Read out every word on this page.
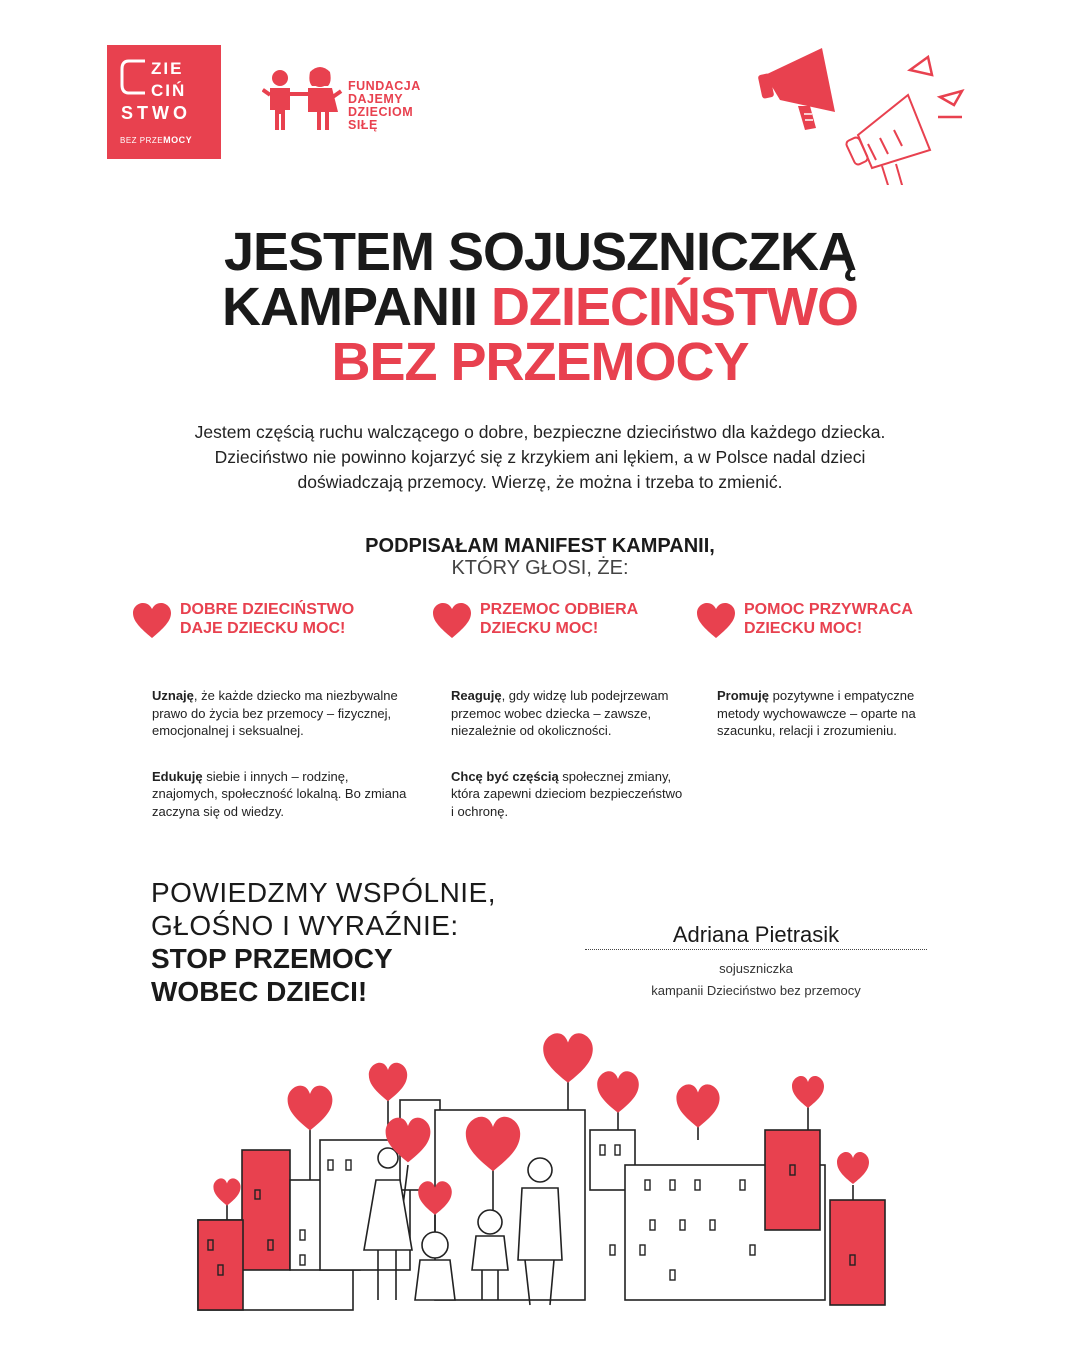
ZIE
CIŃ
STWO
BEZ PRZEMOCY
FUNDACJA
DAJEMY
DZIECIOM
SIŁĘ
JESTEM SOJUSZNICZKĄ
KAMPANII DZIECIŃSTWO
BEZ PRZEMOCY
Jestem częścią ruchu walczącego o dobre, bezpieczne dzieciństwo dla każdego dziecka.
Dzieciństwo nie powinno kojarzyć się z krzykiem ani lękiem, a w Polsce nadal dzieci
doświadczają przemocy. Wierzę, że można i trzeba to zmienić.
PODPISAŁAM MANIFEST KAMPANII,
KTÓRY GŁOSI, ŻE:
DOBRE DZIECIŃSTWO
DAJE DZIECKU MOC!
PRZEMOC ODBIERA
DZIECKU MOC!
POMOC PRZYWRACA
DZIECKU MOC!

Uznaję, że każde dziecko ma niezbywalne prawo do życia bez przemocy – fizycznej, emocjonalnej i seksualnej.

Edukuję siebie i innych – rodzinę, znajomych, społeczność lokalną. Bo zmiana zaczyna się od wiedzy.

Reaguję, gdy widzę lub podejrzewam przemoc wobec dziecka – zawsze, niezależnie od okoliczności.

Chcę być częścią społecznej zmiany, która zapewni dzieciom bezpieczeństwo i ochronę.

Promuję pozytywne i empatyczne metody wychowawcze – oparte na szacunku, relacji i zrozumieniu.

POWIEDZMY WSPÓLNIE,
GŁOŚNO I WYRAŹNIE:
STOP PRZEMOCY
WOBEC DZIECI!
Adriana Pietrasik
sojuszniczka
kampanii Dzieciństwo bez przemocy
